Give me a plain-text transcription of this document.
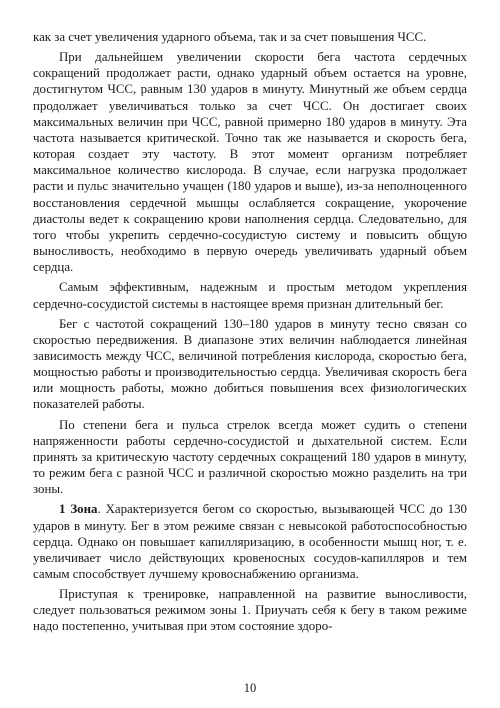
как за счет увеличения ударного объема, так и за счет повышения ЧСС.

При дальнейшем увеличении скорости бега частота сердечных сокращений продолжает расти, однако ударный объем остается на уровне, достигнутом ЧСС, равным 130 ударов в минуту. Минутный же объем сердца продолжает увеличиваться только за счет ЧСС. Он достигает своих максимальных величин при ЧСС, равной примерно 180 ударов в минуту. Эта частота называется критической. Точно так же называется и скорость бега, которая создает эту частоту. В этот момент организм потребляет максимальное количество кислорода. В случае, если нагрузка продолжает расти и пульс значительно учащен (180 ударов и выше), из-за неполноценного восстановления сердечной мышцы ослабляется сокращение, укорочение диастолы ведет к сокращению крови наполнения сердца. Следовательно, для того чтобы укрепить сердечно-сосудистую систему и повысить общую выносливость, необходимо в первую очередь увеличивать ударный объем сердца.

Самым эффективным, надежным и простым методом укрепления сердечно-сосудистой системы в настоящее время признан длительный бег.

Бег с частотой сокращений 130–180 ударов в минуту тесно связан со скоростью передвижения. В диапазоне этих величин наблюдается линейная зависимость между ЧСС, величиной потребления кислорода, скоростью бега, мощностью работы и производительностью сердца. Увеличивая скорость бега или мощность работы, можно добиться повышения всех физиологических показателей работы.

По степени бега и пульса стрелок всегда может судить о степени напряженности работы сердечно-сосудистой и дыхательной систем. Если принять за критическую частоту сердечных сокращений 180 ударов в минуту, то режим бега с разной ЧСС и различной скоростью можно разделить на три зоны.

1 Зона. Характеризуется бегом со скоростью, вызывающей ЧСС до 130 ударов в минуту. Бег в этом режиме связан с невысокой работоспособностью сердца. Однако он повышает капилляризацию, в особенности мышц ног, т. е. увеличивает число действующих кровеносных сосудов-капилляров и тем самым способствует лучшему кровоснабжению организма.

Приступая к тренировке, направленной на развитие выносливости, следует пользоваться режимом зоны 1. Приучать себя к бегу в таком режиме надо постепенно, учитывая при этом состояние здоро-

10
